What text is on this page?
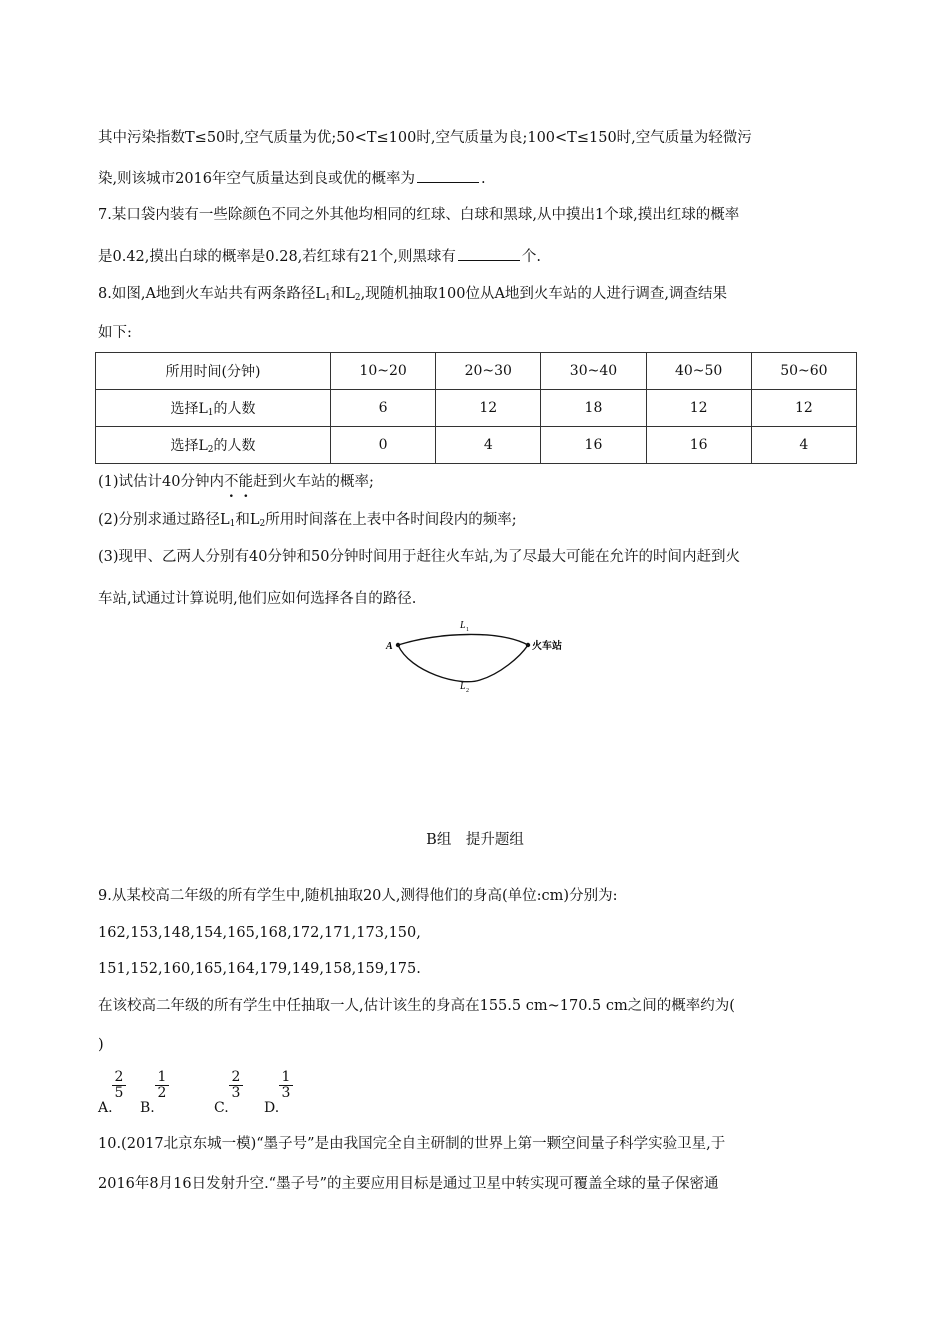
其中污染指数T≤50时,空气质量为优;50<T≤100时,空气质量为良;100<T≤150时,空气质量为轻微污
染,则该城市2016年空气质量达到良或优的概率为	.
7.某口袋内装有一些除颜色不同之外其他均相同的红球、白球和黑球,从中摸出1个球,摸出红球的概率
是0.42,摸出白球的概率是0.28,若红球有21个,则黑球有	个.
8.如图,A地到火车站共有两条路径$L_1$和$L_2$,现随机抽取100位从A地到火车站的人进行调查,调查结果
如下:
所用时间(分钟)	10~20	20~30	30~40	40~50	50~60
选择$L_1$的人数	6	12	18	12	12
选择$L_2$的人数	0	4	16	16	4
(1)试估计40分钟内不能赶到火车站的概率;
(2)分别求通过路径$L_1$和$L_2$所用时间落在上表中各时间段内的频率;
(3)现甲、乙两人分别有40分钟和50分钟时间用于赶往火车站,为了尽最大可能在允许的时间内赶到火
车站,试通过计算说明,他们应如何选择各自的路径.
A	火车站
L 1
L 2
B组　提升题组
9.从某校高二年级的所有学生中,随机抽取20人,测得他们的身高(单位:cm)分别为:
162,153,148,154,165,168,172,171,173,150,
151,152,160,165,164,179,149,158,159,175.
在该校高二年级的所有学生中任抽取一人,估计该生的身高在155.5 cm~170.5 cm之间的概率约为(
)
A.
$\frac{2}{5}$
B.
$\frac{1}{2}$
C.
$\frac{2}{3}$
D.
$\frac{1}{3}$
10.(2017北京东城一模)“墨子号”是由我国完全自主研制的世界上第一颗空间量子科学实验卫星,于
2016年8月16日发射升空.“墨子号”的主要应用目标是通过卫星中转实现可覆盖全球的量子保密通
